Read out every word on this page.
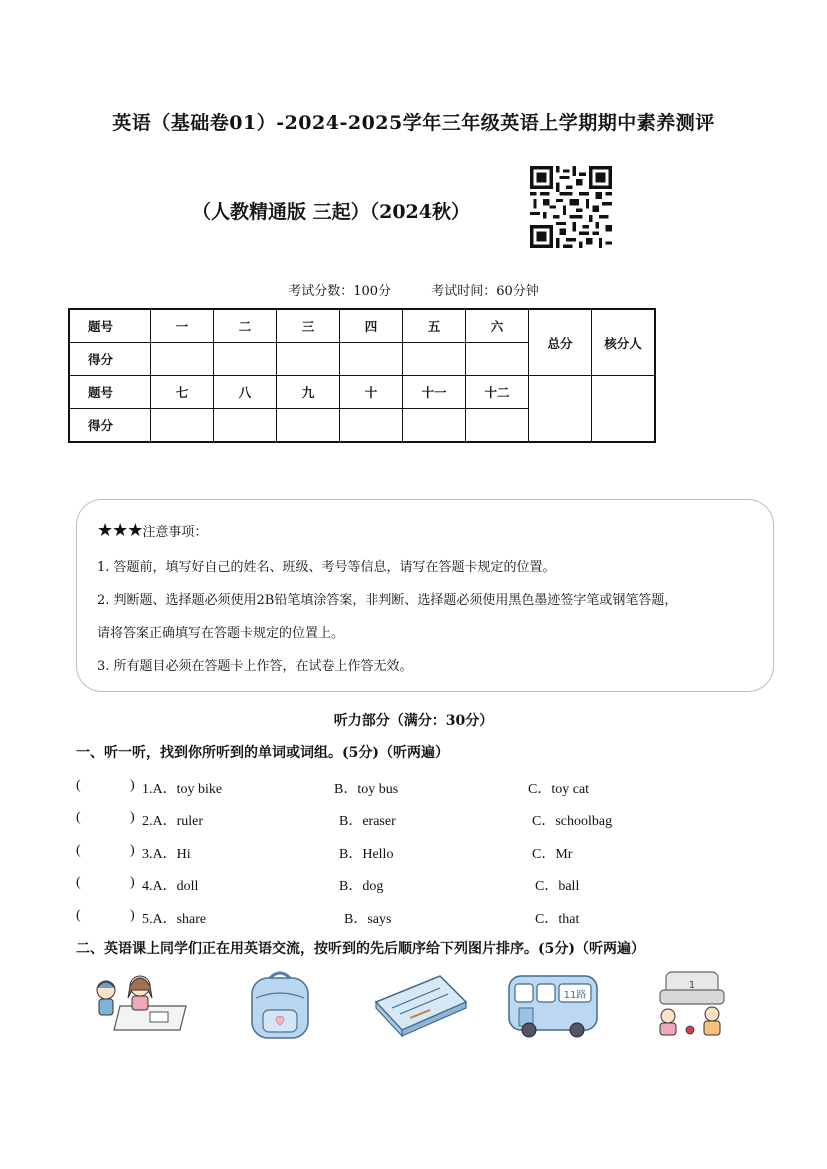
英语（基础卷01）-2024-2025学年三年级英语上学期期中素养测评
（人教精通版 三起）（2024秋）
考试分数：100分	考试时间：60分钟
题号	一	二	三	四	五	六	总分	核分人
得分								
题号	七	八	九	十	十一	十二		
得分								
★★★注意事项：
1. 答题前，填写好自己的姓名、班级、考号等信息，请写在答题卡规定的位置。
2. 判断题、选择题必须使用2B铅笔填涂答案，非判断、选择题必须使用黑色墨迹签字笔或钢笔答题，
请将答案正确填写在答题卡规定的位置上。
3. 所有题目必须在答题卡上作答，在试卷上作答无效。
听力部分（满分：30分）
一、听一听，找到你所听到的单词或词组。(5分)（听两遍）
(	) 1.A．toy bike	B．toy bus	C．toy cat
(	) 2.A．ruler	B．eraser	C．schoolbag
(	) 3.A．Hi	B．Hello	C．Mr
(	) 4.A．doll	B．dog	C．ball
(	) 5.A．share	B．says	C．that
二、英语课上同学们正在用英语交流，按听到的先后顺序给下列图片排序。(5分)（听两遍）
11路
1
